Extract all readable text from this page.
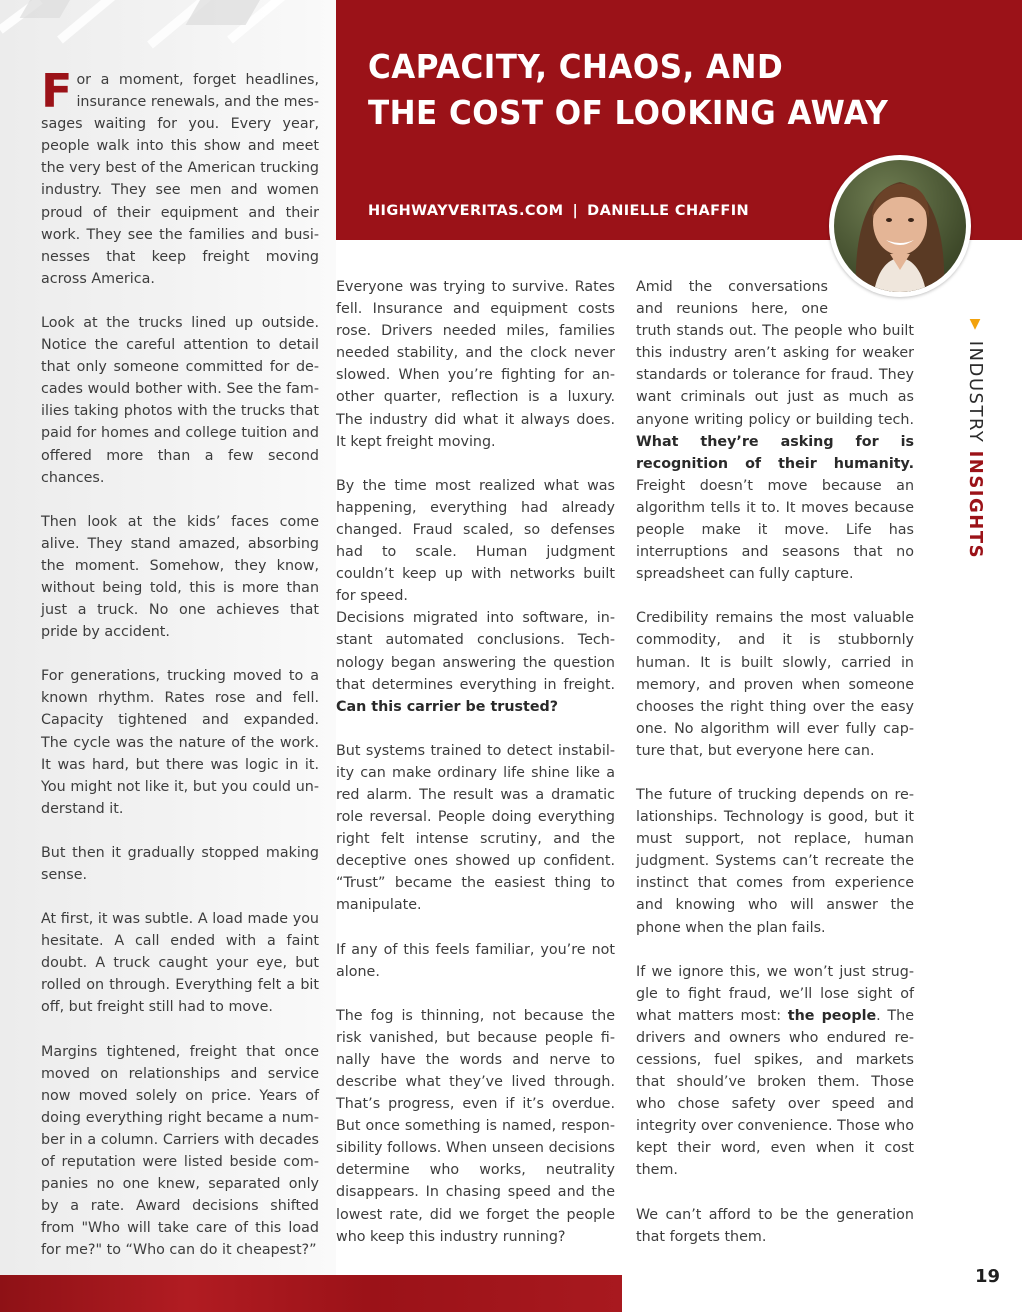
CAPACITY, CHAOS, AND
THE COST OF LOOKING AWAY
HIGHWAYVERITAS.COM | DANIELLE CHAFFIN
▼ INDUSTRY INSIGHTS

For a moment, forget headlines, insurance renewals, and the messages waiting for you. Every year, people walk into this show and meet the very best of the American trucking industry. They see men and women proud of their equipment and their work. They see the families and businesses that keep freight moving across America.

Look at the trucks lined up outside. Notice the careful attention to detail that only someone committed for decades would bother with. See the families taking photos with the trucks that paid for homes and college tuition and offered more than a few second chances.

Then look at the kids’ faces come alive. They stand amazed, absorbing the moment. Somehow, they know, without being told, this is more than just a truck. No one achieves that pride by accident.

For generations, trucking moved to a known rhythm. Rates rose and fell. Capacity tightened and expanded. The cycle was the nature of the work. It was hard, but there was logic in it. You might not like it, but you could understand it.

But then it gradually stopped making sense.

At first, it was subtle. A load made you hesitate. A call ended with a faint doubt. A truck caught your eye, but rolled on through. Everything felt a bit off, but freight still had to move.

Margins tightened, freight that once moved on relationships and service now moved solely on price. Years of doing everything right became a number in a column. Carriers with decades of reputation were listed beside companies no one knew, separated only by a rate. Award decisions shifted from "Who will take care of this load for me?" to “Who can do it cheapest?”

Everyone was trying to survive. Rates fell. Insurance and equipment costs rose. Drivers needed miles, families needed stability, and the clock never slowed. When you’re fighting for another quarter, reflection is a luxury. The industry did what it always does. It kept freight moving.

By the time most realized what was happening, everything had already changed. Fraud scaled, so defenses had to scale. Human judgment couldn’t keep up with networks built for speed.

Decisions migrated into software, instant automated conclusions. Technology began answering the question that determines everything in freight. Can this carrier be trusted?

But systems trained to detect instability can make ordinary life shine like a red alarm. The result was a dramatic role reversal. People doing everything right felt intense scrutiny, and the deceptive ones showed up confident. “Trust” became the easiest thing to manipulate.

If any of this feels familiar, you’re not alone.

The fog is thinning, not because the risk vanished, but because people finally have the words and nerve to describe what they’ve lived through. That’s progress, even if it’s overdue. But once something is named, responsibility follows. When unseen decisions determine who works, neutrality disappears. In chasing speed and the lowest rate, did we forget the people who keep this industry running?

Amid the conversations
and reunions here, one
truth stands out. The people who built this industry aren’t asking for weaker standards or tolerance for fraud. They want criminals out just as much as anyone writing policy or building tech. What they’re asking for is recognition of their humanity. Freight doesn’t move because an algorithm tells it to. It moves because people make it move. Life has interruptions and seasons that no spreadsheet can fully capture.

Credibility remains the most valuable commodity, and it is stubbornly human. It is built slowly, carried in memory, and proven when someone chooses the right thing over the easy one. No algorithm will ever fully capture that, but everyone here can.

The future of trucking depends on relationships. Technology is good, but it must support, not replace, human judgment. Systems can’t recreate the instinct that comes from experience and knowing who will answer the phone when the plan fails.

If we ignore this, we won’t just struggle to fight fraud, we’ll lose sight of what matters most: the people. The drivers and owners who endured recessions, fuel spikes, and markets that should’ve broken them. Those who chose safety over speed and integrity over convenience. Those who kept their word, even when it cost them.

We can’t afford to be the generation that forgets them.

19
